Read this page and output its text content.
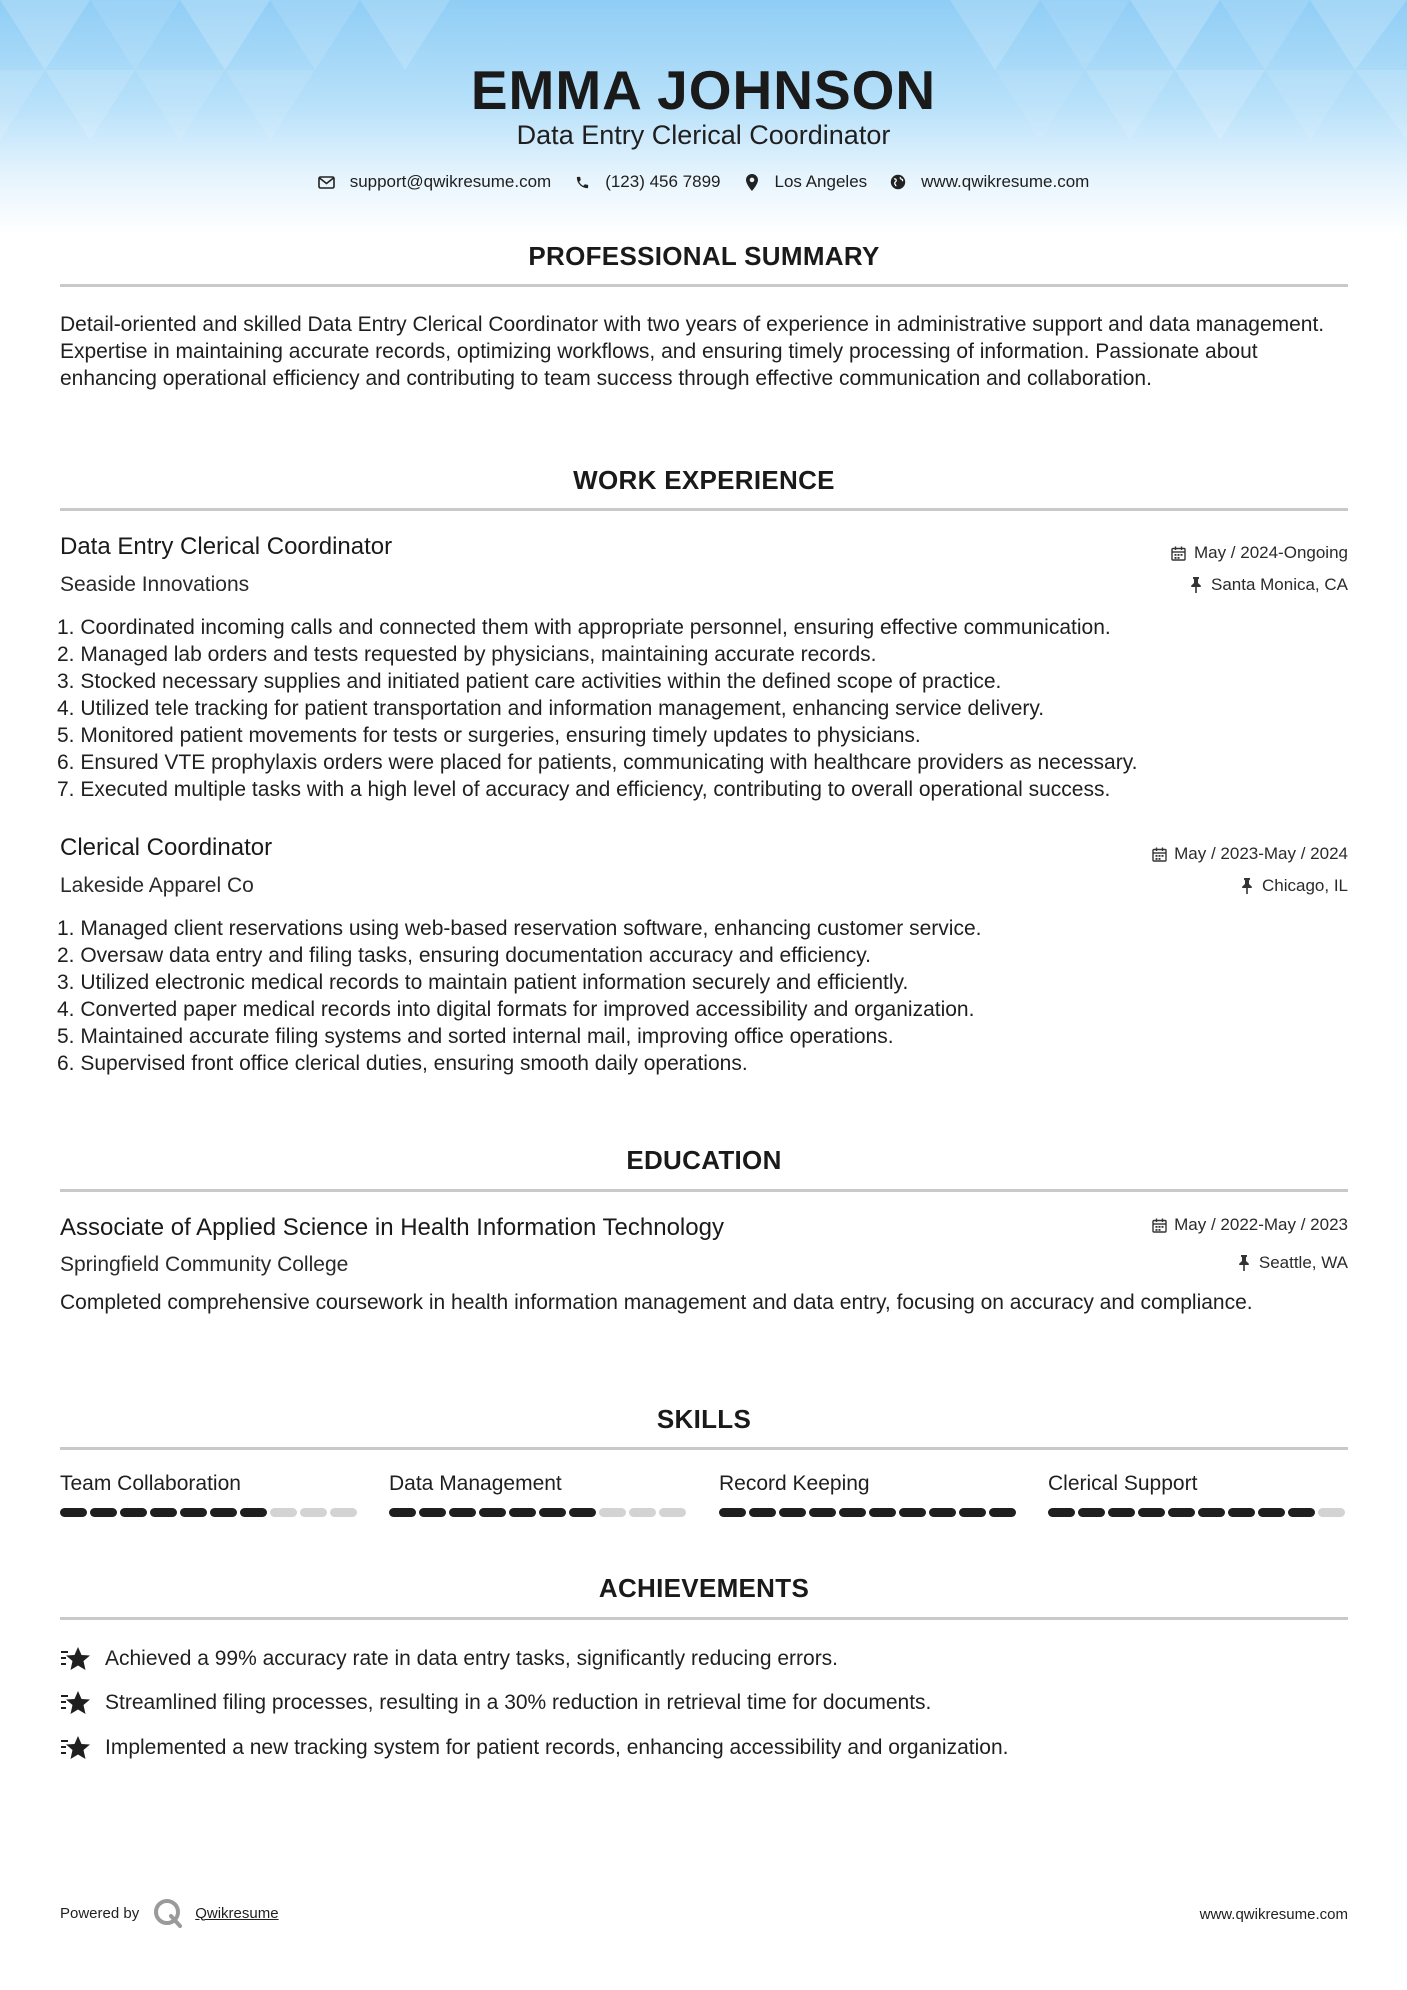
EMMA JOHNSON
Data Entry Clerical Coordinator
support@qwikresume.com	(123) 456 7899	Los Angeles	www.qwikresume.com
PROFESSIONAL SUMMARY
Detail-oriented and skilled Data Entry Clerical Coordinator with two years of experience in administrative support and data management. Expertise in maintaining accurate records, optimizing workflows, and ensuring timely processing of information. Passionate about enhancing operational efficiency and contributing to team success through effective communication and collaboration.
WORK EXPERIENCE
Data Entry Clerical Coordinator	May / 2024-Ongoing
Seaside Innovations	Santa Monica, CA
1. Coordinated incoming calls and connected them with appropriate personnel, ensuring effective communication.
2. Managed lab orders and tests requested by physicians, maintaining accurate records.
3. Stocked necessary supplies and initiated patient care activities within the defined scope of practice.
4. Utilized tele tracking for patient transportation and information management, enhancing service delivery.
5. Monitored patient movements for tests or surgeries, ensuring timely updates to physicians.
6. Ensured VTE prophylaxis orders were placed for patients, communicating with healthcare providers as necessary.
7. Executed multiple tasks with a high level of accuracy and efficiency, contributing to overall operational success.
Clerical Coordinator	May / 2023-May / 2024
Lakeside Apparel Co	Chicago, IL
1. Managed client reservations using web-based reservation software, enhancing customer service.
2. Oversaw data entry and filing tasks, ensuring documentation accuracy and efficiency.
3. Utilized electronic medical records to maintain patient information securely and efficiently.
4. Converted paper medical records into digital formats for improved accessibility and organization.
5. Maintained accurate filing systems and sorted internal mail, improving office operations.
6. Supervised front office clerical duties, ensuring smooth daily operations.
EDUCATION
Associate of Applied Science in Health Information Technology	May / 2022-May / 2023
Springfield Community College	Seattle, WA
Completed comprehensive coursework in health information management and data entry, focusing on accuracy and compliance.
SKILLS
Team Collaboration	Data Management	Record Keeping	Clerical Support
ACHIEVEMENTS
Achieved a 99% accuracy rate in data entry tasks, significantly reducing errors.
Streamlined filing processes, resulting in a 30% reduction in retrieval time for documents.
Implemented a new tracking system for patient records, enhancing accessibility and organization.
Powered by	Qwikresume	www.qwikresume.com
